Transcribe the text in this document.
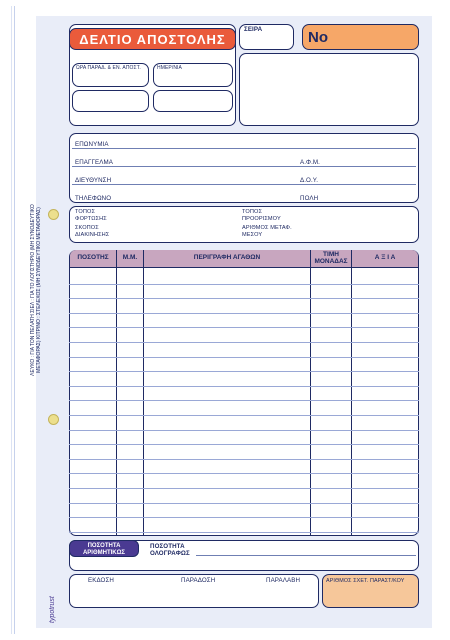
ΛΕΥΚΟ : ΓΙΑ ΤΟΝ ΠΕΛΑΤΗ ΣΙΕΛ : ΓΙΑ ΤΟ ΛΟΓΙΣΤΗΡΙΟ (ΜΗ ΣΥΝΟΔΕΥΤΙΚΟ ΜΕΤΑΦΟΡΑΣ) ΚΙΤΡΙΝΟ : ΣΤΕΛΕΧΟΣ (ΜΗ ΣΥΝΟΔΕΥΤΙΚΟ ΜΕΤΑΦΟΡΑΣ)
ΔΕΛΤΙΟ ΑΠΟΣΤΟΛΗΣ
ΩΡΑ ΠΑΡΑΔ. & ΕΝ. ΑΠΟΣΤ.	ΗΜΕΡ/ΝΙΑ
ΣΕΙΡΑ	No
ΕΠΩΝΥΜΙΑ
ΕΠΑΓΓΕΛΜΑ	Α.Φ.Μ.
ΔΙΕΥΘΥΝΣΗ	Δ.Ο.Υ.
ΤΗΛΕΦΩΝΟ	ΠΟΛΗ
ΤΟΠΟΣ ΦΟΡΤΩΣΗΣ
ΤΟΠΟΣ ΠΡΟΟΡΙΣΜΟΥ
ΣΚΟΠΟΣ ΔΙΑΚΙΝΗΣΗΣ
ΑΡΙΘΜΟΣ ΜΕΤΑΦ. ΜΕΣΟΥ
ΠΟΣΟΤΗΣ	Μ.Μ.	ΠΕΡΙΓΡΑΦΗ ΑΓΑΘΩΝ	ΤΙΜΗ ΜΟΝΑΔΑΣ	Α Ξ Ι Α
ΠΟΣΟΤΗΤΑ ΑΡΙΘΜΗΤΙΚΩΣ
ΠΟΣΟΤΗΤΑ ΟΛΟΓΡΑΦΩΣ
ΕΚΔΟΣΗ	ΠΑΡΑΔΟΣΗ	ΠΑΡΑΛΑΒΗ	ΑΡΙΘΜΟΣ ΣΧΕΤ. ΠΑΡΑΣΤ/ΚΟΥ
typotrust
